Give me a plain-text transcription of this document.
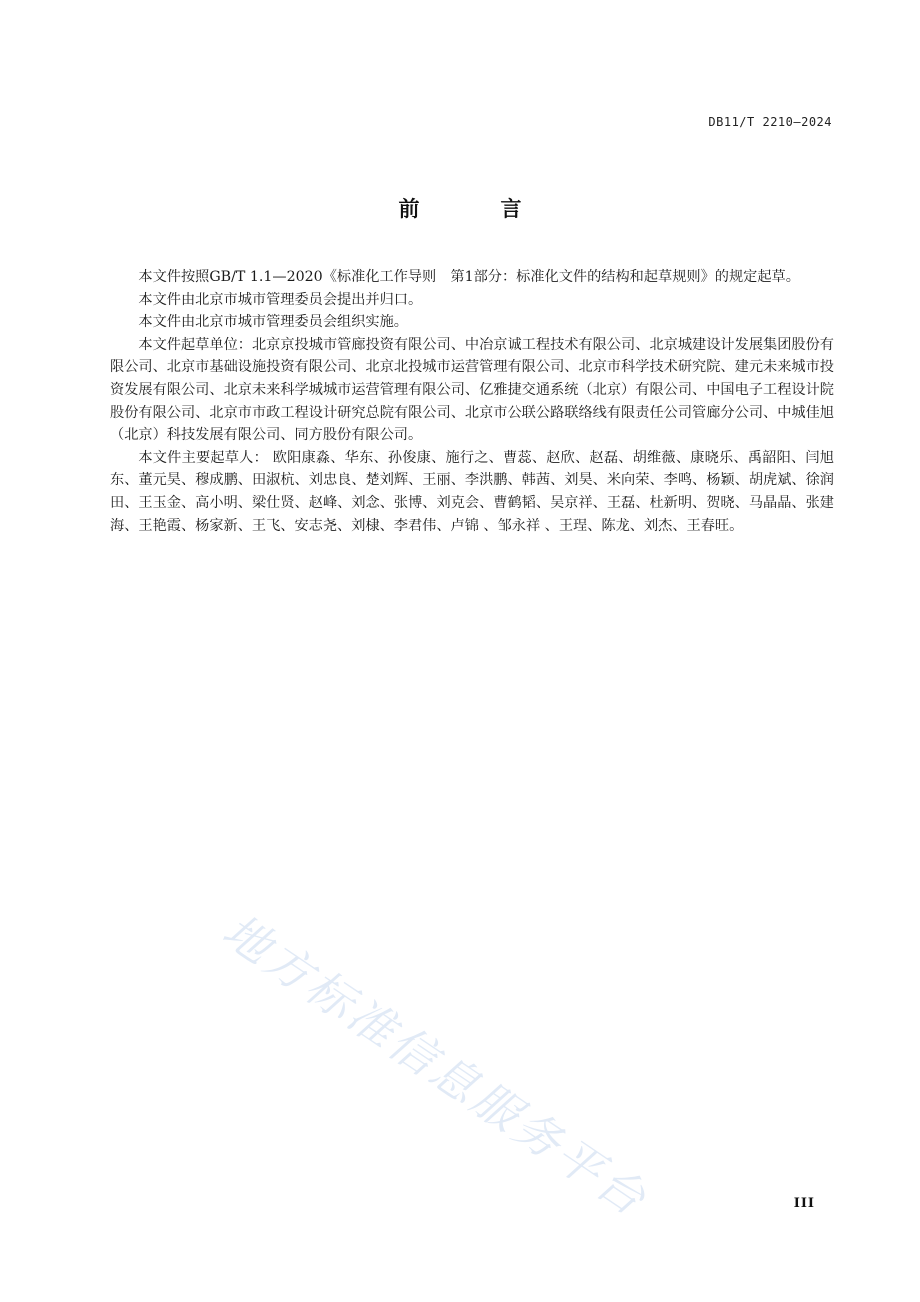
DB11/T 2210—2024
前　言

本文件按照GB/T 1.1—2020《标准化工作导则　第1部分：标准化文件的结构和起草规则》的规定起草。

本文件由北京市城市管理委员会提出并归口。

本文件由北京市城市管理委员会组织实施。

本文件起草单位：北京京投城市管廊投资有限公司、中冶京诚工程技术有限公司、北京城建设计发展集团股份有限公司、北京市基础设施投资有限公司、北京北投城市运营管理有限公司、北京市科学技术研究院、建元未来城市投资发展有限公司、北京未来科学城城市运营管理有限公司、亿雅捷交通系统（北京）有限公司、中国电子工程设计院股份有限公司、北京市市政工程设计研究总院有限公司、北京市公联公路联络线有限责任公司管廊分公司、中城佳旭（北京）科技发展有限公司、同方股份有限公司。

本文件主要起草人： 欧阳康淼、华东、孙俊康、施行之、曹蕊、赵欣、赵磊、胡维薇、康晓乐、禹韶阳、闫旭东、董元昊、穆成鹏、田淑杭、刘忠良、楚刘辉、王丽、李洪鹏、韩茜、刘昊、米向荣、李鸣、杨颖、胡虎斌、徐润田、王玉金、高小明、梁仕贤、赵峰、刘念、张博、刘克会、曹鹤韬、吴京祥、王磊、杜新明、贺晓、马晶晶、张建海、王艳霞、杨家新、王飞、安志尧、刘棣、李君伟、卢锦 、邹永祥 、王珵、陈龙、刘杰、王春旺。

地方标准信息服务平台	III
